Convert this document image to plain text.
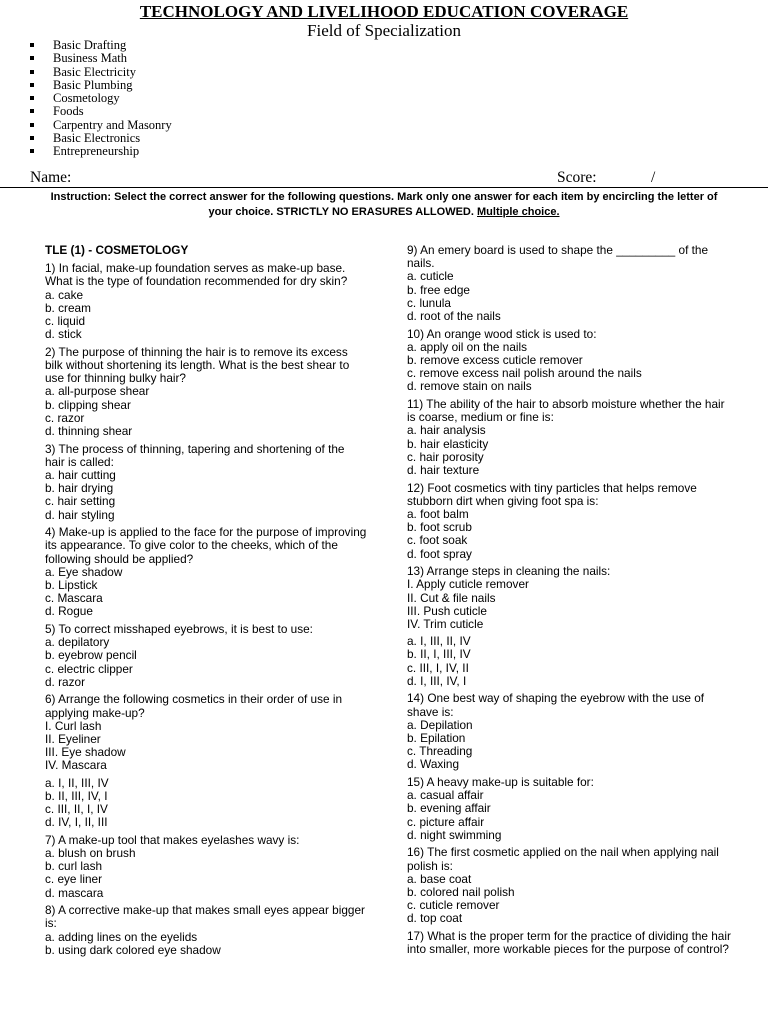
TECHNOLOGY AND LIVELIHOOD EDUCATION COVERAGE
Field of Specialization
Basic Drafting
Business Math
Basic Electricity
Basic Plumbing
Cosmetology
Foods
Carpentry and Masonry
Basic Electronics
Entrepreneurship
Name:	Score:	/
Instruction: Select the correct answer for the following questions. Mark only one answer for each item by encircling the letter of
your choice. STRICTLY NO ERASURES ALLOWED. Multiple choice.
TLE (1) - COSMETOLOGY
1) In facial, make-up foundation serves as make-up base. What is the type of foundation recommended for dry skin?
a. cake
b. cream
c. liquid
d. stick
2) The purpose of thinning the hair is to remove its excess bilk without shortening its length. What is the best shear to use for thinning bulky hair?
a. all-purpose shear
b. clipping shear
c. razor
d. thinning shear
3) The process of thinning, tapering and shortening of the hair is called:
a. hair cutting
b. hair drying
c. hair setting
d. hair styling
4) Make-up is applied to the face for the purpose of improving its appearance. To give color to the cheeks, which of the following should be applied?
a. Eye shadow
b. Lipstick
c. Mascara
d. Rogue
5) To correct misshaped eyebrows, it is best to use:
a. depilatory
b. eyebrow pencil
c. electric clipper
d. razor
6) Arrange the following cosmetics in their order of use in applying make-up?
I. Curl lash
II. Eyeliner
III. Eye shadow
IV. Mascara
a. I, II, III, IV
b. II, III, IV, I
c. III, II, I, IV
d. IV, I, II, III
7) A make-up tool that makes eyelashes wavy is:
a. blush on brush
b. curl lash
c. eye liner
d. mascara
8) A corrective make-up that makes small eyes appear bigger is:
a. adding lines on the eyelids
b. using dark colored eye shadow
9) An emery board is used to shape the _________ of the nails.
a. cuticle
b. free edge
c. lunula
d. root of the nails
10) An orange wood stick is used to:
a. apply oil on the nails
b. remove excess cuticle remover
c. remove excess nail polish around the nails
d. remove stain on nails
11) The ability of the hair to absorb moisture whether the hair is coarse, medium or fine is:
a. hair analysis
b. hair elasticity
c. hair porosity
d. hair texture
12) Foot cosmetics with tiny particles that helps remove stubborn dirt when giving foot spa is:
a. foot balm
b. foot scrub
c. foot soak
d. foot spray
13) Arrange steps in cleaning the nails:
I. Apply cuticle remover
II. Cut & file nails
III. Push cuticle
IV. Trim cuticle
a. I, III, II, IV
b. II, I, III, IV
c. III, I, IV, II
d. I, III, IV, I
14) One best way of shaping the eyebrow with the use of shave is:
a. Depilation
b. Epilation
c. Threading
d. Waxing
15) A heavy make-up is suitable for:
a. casual affair
b. evening affair
c. picture affair
d. night swimming
16) The first cosmetic applied on the nail when applying nail polish is:
a. base coat
b. colored nail polish
c. cuticle remover
d. top coat
17) What is the proper term for the practice of dividing the hair into smaller, more workable pieces for the purpose of control?
